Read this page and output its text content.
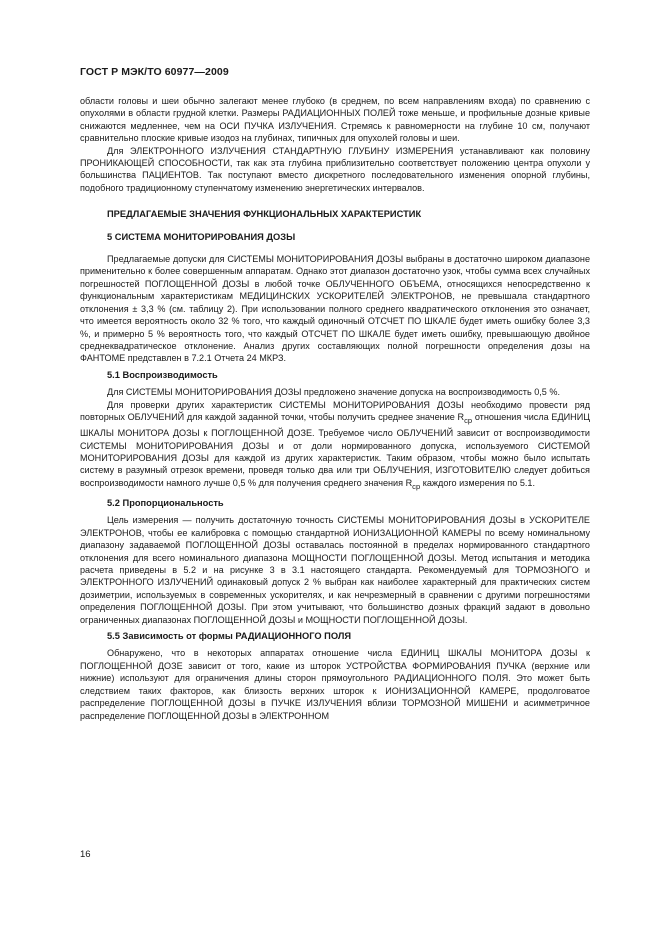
ГОСТ Р МЭК/ТО 60977—2009

области головы и шеи обычно залегают менее глубоко (в среднем, по всем направлениям входа) по сравнению с опухолями в области грудной клетки. Размеры РАДИАЦИОННЫХ ПОЛЕЙ тоже меньше, и профильные дозные кривые снижаются медленнее, чем на ОСИ ПУЧКА ИЗЛУЧЕНИЯ. Стремясь к равномерности на глубине 10 см, получают сравнительно плоские кривые изодоз на глубинах, типичных для опухолей головы и шеи.

Для ЭЛЕКТРОННОГО ИЗЛУЧЕНИЯ СТАНДАРТНУЮ ГЛУБИНУ ИЗМЕРЕНИЯ устанавливают как половину ПРОНИКАЮЩЕЙ СПОСОБНОСТИ, так как эта глубина приблизительно соответствует положению центра опухоли у большинства ПАЦИЕНТОВ. Так поступают вместо дискретного последовательного изменения опорной глубины, подобного традиционному ступенчатому изменению энергетических интервалов.

ПРЕДЛАГАЕМЫЕ ЗНАЧЕНИЯ ФУНКЦИОНАЛЬНЫХ ХАРАКТЕРИСТИК
5 СИСТЕМА МОНИТОРИРОВАНИЯ ДОЗЫ

Предлагаемые допуски для СИСТЕМЫ МОНИТОРИРОВАНИЯ ДОЗЫ выбраны в достаточно широком диапазоне применительно к более совершенным аппаратам. Однако этот диапазон достаточно узок, чтобы сумма всех случайных погрешностей ПОГЛОЩЕННОЙ ДОЗЫ в любой точке ОБЛУЧЕННОГО ОБЪЕМА, относящихся непосредственно к функциональным характеристикам МЕДИЦИНСКИХ УСКОРИТЕЛЕЙ ЭЛЕКТРОНОВ, не превышала стандартного отклонения ± 3,3 % (см. таблицу 2). При использовании полного среднего квадратического отклонения это означает, что имеется вероятность около 32 % того, что каждый одиночный ОТСЧЕТ ПО ШКАЛЕ будет иметь ошибку более 3,3 %, и примерно 5 % вероятность того, что каждый ОТСЧЕТ ПО ШКАЛЕ будет иметь ошибку, превышающую двойное среднеквадратическое отклонение. Анализ других составляющих полной погрешности определения дозы на ФАНТОМЕ представлен в 7.2.1 Отчета 24 МКРЗ.

5.1 Воспроизводимость

Для СИСТЕМЫ МОНИТОРИРОВАНИЯ ДОЗЫ предложено значение допуска на воспроизводимость 0,5 %.

Для проверки других характеристик СИСТЕМЫ МОНИТОРИРОВАНИЯ ДОЗЫ необходимо провести ряд повторных ОБЛУЧЕНИЙ для каждой заданной точки, чтобы получить среднее значение $R_{ср}$ отношения числа ЕДИНИЦ ШКАЛЫ МОНИТОРА ДОЗЫ к ПОГЛОЩЕННОЙ ДОЗЕ. Требуемое число ОБЛУЧЕНИЙ зависит от воспроизводимости СИСТЕМЫ МОНИТОРИРОВАНИЯ ДОЗЫ и от доли нормированного допуска, используемого СИСТЕМОЙ МОНИТОРИРОВАНИЯ ДОЗЫ для каждой из других характеристик. Таким образом, чтобы можно было испытать систему в разумный отрезок времени, проведя только два или три ОБЛУЧЕНИЯ, ИЗГОТОВИТЕЛЮ следует добиться воспроизводимости намного лучше 0,5 % для получения среднего значения $R_{ср}$ каждого измерения по 5.1.

5.2 Пропорциональность

Цель измерения — получить достаточную точность СИСТЕМЫ МОНИТОРИРОВАНИЯ ДОЗЫ в УСКОРИТЕЛЕ ЭЛЕКТРОНОВ, чтобы ее калибровка с помощью стандартной ИОНИЗАЦИОННОЙ КАМЕРЫ по всему номинальному диапазону задаваемой ПОГЛОЩЕННОЙ ДОЗЫ оставалась постоянной в пределах нормированного стандартного отклонения для всего номинального диапазона МОЩНОСТИ ПОГЛОЩЕННОЙ ДОЗЫ. Метод испытания и методика расчета приведены в 5.2 и на рисунке 3 в 3.1 настоящего стандарта. Рекомендуемый для ТОРМОЗНОГО и ЭЛЕКТРОННОГО ИЗЛУЧЕНИЙ одинаковый допуск 2 % выбран как наиболее характерный для практических систем дозиметрии, используемых в современных ускорителях, и как нечрезмерный в сравнении с другими погрешностями определения ПОГЛОЩЕННОЙ ДОЗЫ. При этом учитывают, что большинство дозных фракций задают в довольно ограниченных диапазонах ПОГЛОЩЕННОЙ ДОЗЫ и МОЩНОСТИ ПОГЛОЩЕННОЙ ДОЗЫ.

5.5 Зависимость от формы РАДИАЦИОННОГО ПОЛЯ

Обнаружено, что в некоторых аппаратах отношение числа ЕДИНИЦ ШКАЛЫ МОНИТОРА ДОЗЫ к ПОГЛОЩЕННОЙ ДОЗЕ зависит от того, какие из шторок УСТРОЙСТВА ФОРМИРОВАНИЯ ПУЧКА (верхние или нижние) используют для ограничения длины сторон прямоугольного РАДИАЦИОННОГО ПОЛЯ. Это может быть следствием таких факторов, как близость верхних шторок к ИОНИЗАЦИОННОЙ КАМЕРЕ, продолговатое распределение ПОГЛОЩЕННОЙ ДОЗЫ в ПУЧКЕ ИЗЛУЧЕНИЯ вблизи ТОРМОЗНОЙ МИШЕНИ и асимметричное распределение ПОГЛОЩЕННОЙ ДОЗЫ в ЭЛЕКТРОННОМ

16
